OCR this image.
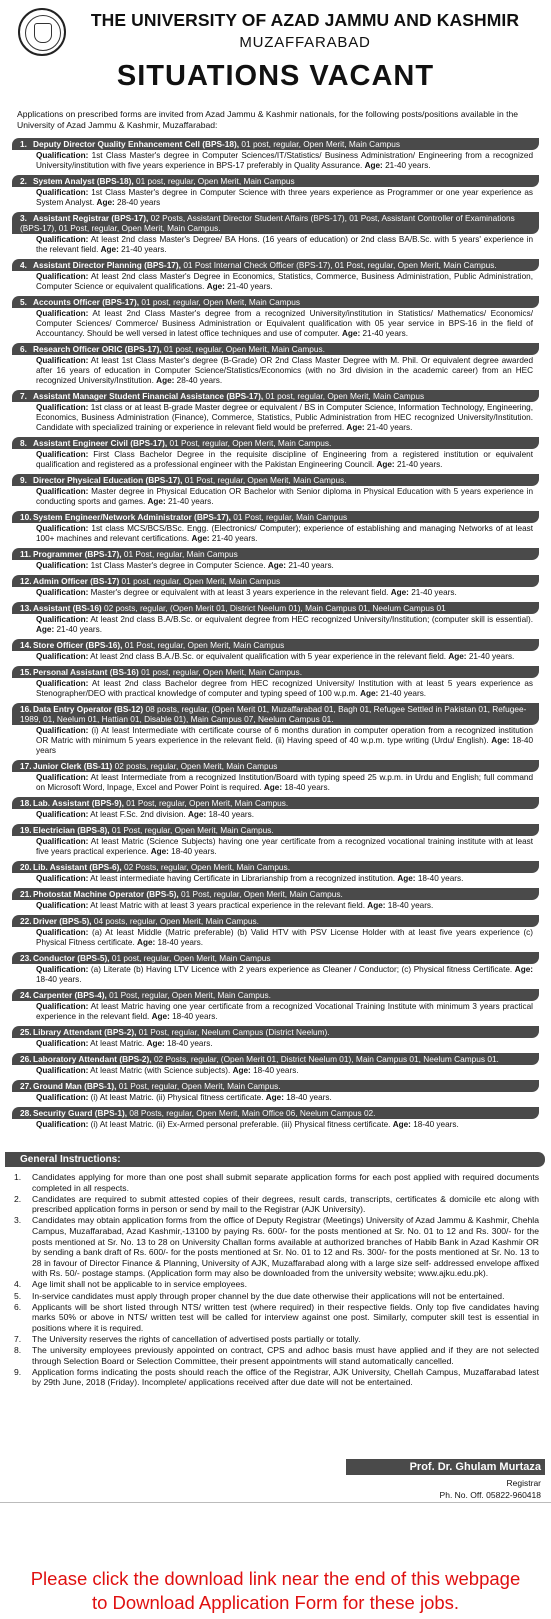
THE UNIVERSITY OF AZAD JAMMU AND KASHMIR
MUZAFFARABAD
SITUATIONS VACANT
Applications on prescribed forms are invited from Azad Jammu & Kashmir nationals, for the following posts/positions available in the University of Azad Jammu & Kashmir, Muzaffarabad:
1. Deputy Director Quality Enhancement Cell (BPS-18), 01 post, regular, Open Merit, Main Campus
Qualification: 1st Class Master's degree in Computer Sciences/IT/Statistics/ Business Administration/ Engineering from a recognized University/institution with five years experience in BPS-17 preferably in Quality Assurance. Age: 21-40 years.
2. System Analyst (BPS-18), 01 post, regular, Open Merit, Main Campus
Qualification: 1st Class Master's degree in Computer Science with three years experience as Programmer or one year experience as System Analyst. Age: 28-40 years
3. Assistant Registrar (BPS-17), 02 Posts, Assistant Director Student Affairs (BPS-17), 01 Post, Assistant Controller of Examinations (BPS-17), 01 Post, regular, Open Merit, Main Campus.
Qualification: At least 2nd class Master's Degree/ BA Hons. (16 years of education) or 2nd class BA/B.Sc. with 5 years' experience in the relevant field. Age: 21-40 years.
4. Assistant Director Planning (BPS-17), 01 Post Internal Check Officer (BPS-17), 01 Post, regular, Open Merit, Main Campus.
Qualification: At least 2nd class Master's Degree in Economics, Statistics, Commerce, Business Administration, Public Administration, Computer Science or equivalent qualifications. Age: 21-40 years.
5. Accounts Officer (BPS-17), 01 post, regular, Open Merit, Main Campus
Qualification: At least 2nd Class Master's degree from a recognized University/institution in Statistics/ Mathematics/ Economics/ Computer Sciences/ Commerce/ Business Administration or Equivalent qualification with 05 year service in BPS-16 in the field of Accountancy. Should be well versed in latest office techniques and use of computer. Age: 21-40 years.
6. Research Officer ORIC (BPS-17), 01 post, regular, Open Merit, Main Campus.
Qualification: At least 1st Class Master's degree (B-Grade) OR 2nd Class Master Degree with M. Phil. Or equivalent degree awarded after 16 years of education in Computer Science/Statistics/Economics (with no 3rd division in the academic career) from an HEC recognized University/Institution. Age: 28-40 years.
7. Assistant Manager Student Financial Assistance (BPS-17), 01 post, regular, Open Merit, Main Campus
Qualification: 1st class or at least B-grade Master degree or equivalent / BS in Computer Science, Information Technology, Engineering, Economics, Business Administration (Finance), Commerce, Statistics, Public Administration from HEC recognized University/Institution. Candidate with specialized training or experience in relevant field would be preferred. Age: 21-40 years.
8. Assistant Engineer Civil (BPS-17), 01 Post, regular, Open Merit, Main Campus.
Qualification: First Class Bachelor Degree in the requisite discipline of Engineering from a registered institution or equivalent qualification and registered as a professional engineer with the Pakistan Engineering Council. Age: 21-40 years.
9. Director Physical Education (BPS-17), 01 Post, regular, Open Merit, Main Campus.
Qualification: Master degree in Physical Education OR Bachelor with Senior diploma in Physical Education with 5 years experience in conducting sports and games. Age: 21-40 years.
10.System Engineer/Network Administrator (BPS-17), 01 Post, regular, Main Campus
Qualification: 1st class MCS/BCS/BSc. Engg. (Electronics/ Computer); experience of establishing and managing Networks of at least 100+ machines and relevant certifications. Age: 21-40 years.
11. Programmer (BPS-17), 01 Post, regular, Main Campus
Qualification: 1st Class Master's degree in Computer Science. Age: 21-40 years.
12.Admin Officer (BS-17) 01 post, regular, Open Merit, Main Campus
Qualification: Master's degree or equivalent with at least 3 years experience in the relevant field. Age: 21-40 years.
13.Assistant (BS-16) 02 posts, regular, (Open Merit 01, District Neelum 01), Main Campus 01, Neelum Campus 01
Qualification: At least 2nd class B.A/B.Sc. or equivalent degree from HEC recognized University/Institution; (computer skill is essential). Age: 21-40 years.
14.Store Officer (BPS-16), 01 Post, regular, Open Merit, Main Campus
Qualification: At least 2nd class B.A./B.Sc. or equivalent qualification with 5 year experience in the relevant field. Age: 21-40 years.
15.Personal Assistant (BS-16) 01 post, regular, Open Merit, Main Campus.
Qualification: At least 2nd class Bachelor degree from HEC recognized University/ Institution with at least 5 years experience as Stenographer/DEO with practical knowledge of computer and typing speed of 100 w.p.m. Age: 21-40 years.
16.Data Entry Operator (BS-12) 08 posts, regular, (Open Merit 01, Muzaffarabad 01, Bagh 01, Refugee Settled in Pakistan 01, Refugee-1989, 01, Neelum 01, Hattian 01, Disable 01), Main Campus 07, Neelum Campus 01.
Qualification: (i) At least Intermediate with certificate course of 6 months duration in computer operation from a recognized institution OR Matric with minimum 5 years experience in the relevant field. (ii) Having speed of 40 w.p.m. type writing (Urdu/ English). Age: 18-40 years
17.Junior Clerk (BS-11) 02 posts, regular, Open Merit, Main Campus
Qualification: At least Intermediate from a recognized Institution/Board with typing speed 25 w.p.m. in Urdu and English; full command on Microsoft Word, Inpage, Excel and Power Point is required. Age: 18-40 years.
18.Lab. Assistant (BPS-9), 01 Post, regular, Open Merit, Main Campus.
Qualification: At least F.Sc. 2nd division. Age: 18-40 years.
19.Electrician (BPS-8), 01 Post, regular, Open Merit, Main Campus.
Qualification: At least Matric (Science Subjects) having one year certificate from a recognized vocational training institute with at least five years practical experience. Age: 18-40 years.
20.Lib. Assistant (BPS-6), 02 Posts, regular, Open Merit, Main Campus.
Qualification: At least intermediate having Certificate in Librarianship from a recognized institution. Age: 18-40 years.
21.Photostat Machine Operator (BPS-5), 01 Post, regular, Open Merit, Main Campus.
Qualification: At least Matric with at least 3 years practical experience in the relevant field. Age: 18-40 years.
22.Driver (BPS-5), 04 posts, regular, Open Merit, Main Campus.
Qualification: (a) At least Middle (Matric preferable) (b) Valid HTV with PSV License Holder with at least five years experience (c) Physical Fitness certificate. Age: 18-40 years.
23.Conductor (BPS-5), 01 post, regular, Open Merit, Main Campus
Qualification: (a) Literate (b) Having LTV Licence with 2 years experience as Cleaner / Conductor; (c) Physical fitness Certificate. Age: 18-40 years.
24.Carpenter (BPS-4), 01 Post, regular, Open Merit, Main Campus.
Qualification: At least Matric having one year certificate from a recognized Vocational Training Institute with minimum 3 years practical experience in the relevant field. Age: 18-40 years.
25.Library Attendant (BPS-2), 01 Post, regular, Neelum Campus (District Neelum).
Qualification: At least Matric. Age: 18-40 years.
26.Laboratory Attendant (BPS-2), 02 Posts, regular, (Open Merit 01, District Neelum 01), Main Campus 01, Neelum Campus 01.
Qualification: At least Matric (with Science subjects). Age: 18-40 years.
27.Ground Man (BPS-1), 01 Post, regular, Open Merit, Main Campus.
Qualification: (i) At least Matric. (ii) Physical fitness certificate. Age: 18-40 years.
28.Security Guard (BPS-1), 08 Posts, regular, Open Merit, Main Office 06, Neelum Campus 02.
Qualification: (i) At least Matric. (ii) Ex-Armed personal preferable. (iii) Physical fitness certificate. Age: 18-40 years.
General Instructions:
1.	Candidates applying for more than one post shall submit separate application forms for each post applied with required documents completed in all respects.
2.	Candidates are required to submit attested copies of their degrees, result cards, transcripts, certificates & domicile etc along with prescribed application forms in person or send by mail to the Registrar (AJK University).
3.	Candidates may obtain application forms from the office of Deputy Registrar (Meetings) University of Azad Jammu & Kashmir, Chehla Campus, Muzaffarabad, Azad Kashmir,-13100 by paying Rs. 600/- for the posts mentioned at Sr. No. 01 to 12 and Rs. 300/- for the posts mentioned at Sr. No. 13 to 28 on University Challan forms available at authorized branches of Habib Bank in Azad Kashmir OR by sending a bank draft of Rs. 600/- for the posts mentioned at Sr. No. 01 to 12 and Rs. 300/- for the posts mentioned at Sr. No. 13 to 28 in favour of Director Finance & Planning, University of AJK, Muzaffarabad along with a large size self- addressed envelope affixed with Rs. 50/- postage stamps. (Application form may also be downloaded from the university website; www.ajku.edu.pk).
4.	Age limit shall not be applicable to in service employees.
5.	In-service candidates must apply through proper channel by the due date otherwise their applications will not be entertained.
6.	Applicants will be short listed through NTS/ written test (where required) in their respective fields. Only top five candidates having marks 50% or above in NTS/ written test will be called for interview against one post. Similarly, computer skill test is essential in positions where it is required.
7.	The University reserves the rights of cancellation of advertised posts partially or totally.
8.	The university employees previously appointed on contract, CPS and adhoc basis must have applied and if they are not selected through Selection Board or Selection Committee, their present appointments will stand automatically cancelled.
9.	Application forms indicating the posts should reach the office of the Registrar, AJK University, Chellah Campus, Muzaffarabad latest by 29th June, 2018 (Friday). Incomplete/ applications received after due date will not be entertained.
Prof. Dr. Ghulam Murtaza
Registrar
Ph. No. Off. 05822-960418
Please click the download link near the end of this webpage
to Download Application Form for these jobs.
